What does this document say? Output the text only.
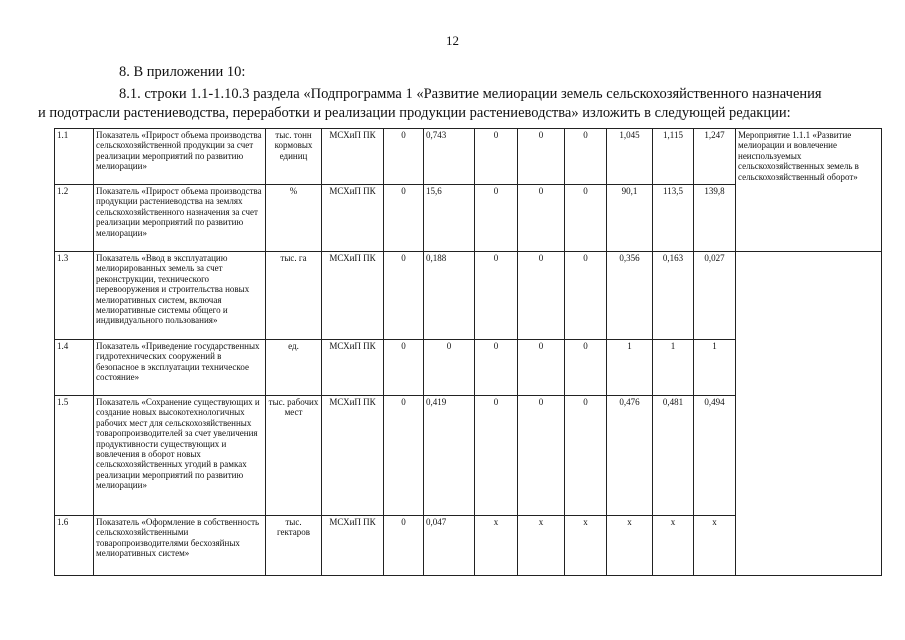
12
8. В приложении 10:
8.1. строки 1.1-1.10.3 раздела «Подпрограмма 1 «Развитие мелиорации земель сельскохозяйственного назначения
и подотрасли растениеводства, переработки и реализации продукции растениеводства» изложить в следующей редакции:
1.1	Показатель «Прирост объема производства сельскохозяйственной продукции за счет реализации мероприятий по развитию мелиорации»	тыс. тонн кормовых единиц	МСХиП ПК	0	0,743	0	0	0	1,045	1,115	1,247	Мероприятие 1.1.1 «Развитие мелиорации и вовлечение неиспользуемых сельскохозяйственных земель в сельскохозяйственный оборот»
1.2	Показатель «Прирост объема производства продукции растениеводства на землях сельскохозяйственного назначения за счет реализации мероприятий по развитию мелиорации»	%	МСХиП ПК	0	15,6	0	0	0	90,1	113,5	139,8	
1.3	Показатель «Ввод в эксплуатацию мелиорированных земель за счет реконструкции, технического перевооружения и строительства новых мелиоративных систем, включая мелиоративные системы общего и индивидуального пользования»	тыс. га	МСХиП ПК	0	0,188	0	0	0	0,356	0,163	0,027	
1.4	Показатель «Приведение государственных гидротехнических сооружений в безопасное в эксплуатации техническое состояние»	ед.	МСХиП ПК	0	0	0	0	0	1	1	1	
1.5	Показатель «Сохранение существующих и создание новых высокотехнологичных рабочих мест для сельскохозяйственных товаропроизводителей за счет увеличения продуктивности существующих и вовлечения в оборот новых сельскохозяйственных угодий в рамках реализации мероприятий по развитию мелиорации»	тыс. рабочих мест	МСХиП ПК	0	0,419	0	0	0	0,476	0,481	0,494	
1.6	Показатель «Оформление в собственность сельскохозяйственными товаропроизводителями бесхозяйных мелиоративных систем»	тыс. гектаров	МСХиП ПК	0	0,047	х	х	х	х	х	х	
